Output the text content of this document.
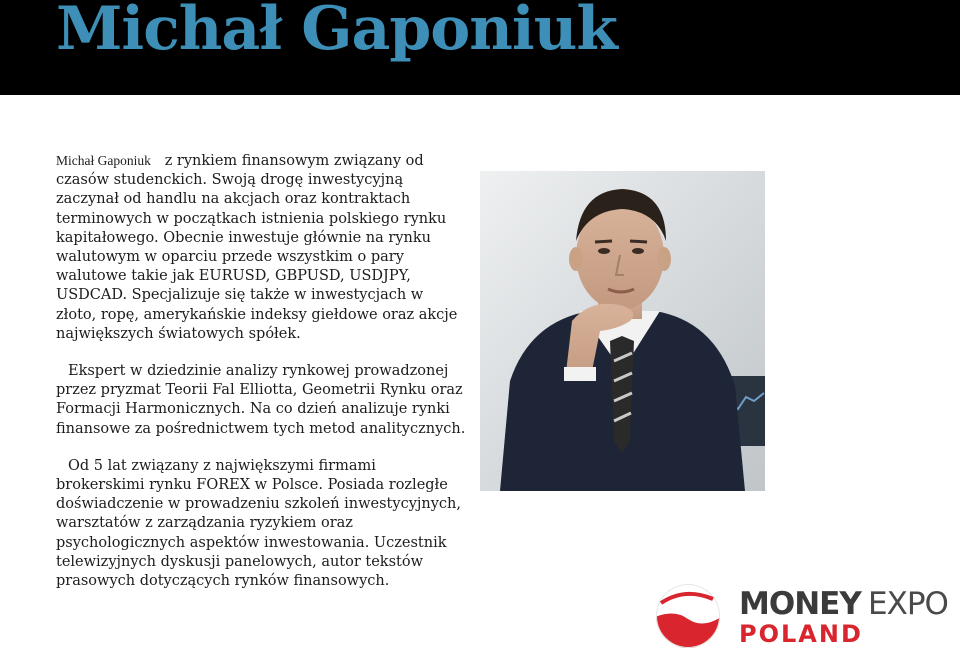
Michał Gaponiuk

Michał Gaponiuk z rynkiem finansowym związany od czasów studenckich. Swoją drogę inwestycyjną zaczynał od handlu na akcjach oraz kontraktach terminowych w początkach istnienia polskiego rynku kapitałowego. Obecnie inwestuje głównie na rynku walutowym w oparciu przede wszystkim o pary walutowe takie jak EURUSD, GBPUSD, USDJPY, USDCAD. Specjalizuje się także w inwestycjach w złoto, ropę, amerykańskie indeksy giełdowe oraz akcje największych światowych spółek.

Ekspert w dziedzinie analizy rynkowej prowadzonej przez pryzmat Teorii Fal Elliotta, Geometrii Rynku oraz Formacji Harmonicznych. Na co dzień analizuje rynki finansowe za pośrednictwem tych metod analitycznych.

Od 5 lat związany z największymi firmami brokerskimi rynku FOREX w Polsce. Posiada rozległe doświadczenie w prowadzeniu szkoleń inwestycyjnych, warsztatów z zarządzania ryzykiem oraz psychologicznych aspektów inwestowania. Uczestnik telewizyjnych dyskusji panelowych, autor tekstów prasowych dotyczących rynków finansowych.

MONEY EXPO
POLAND
